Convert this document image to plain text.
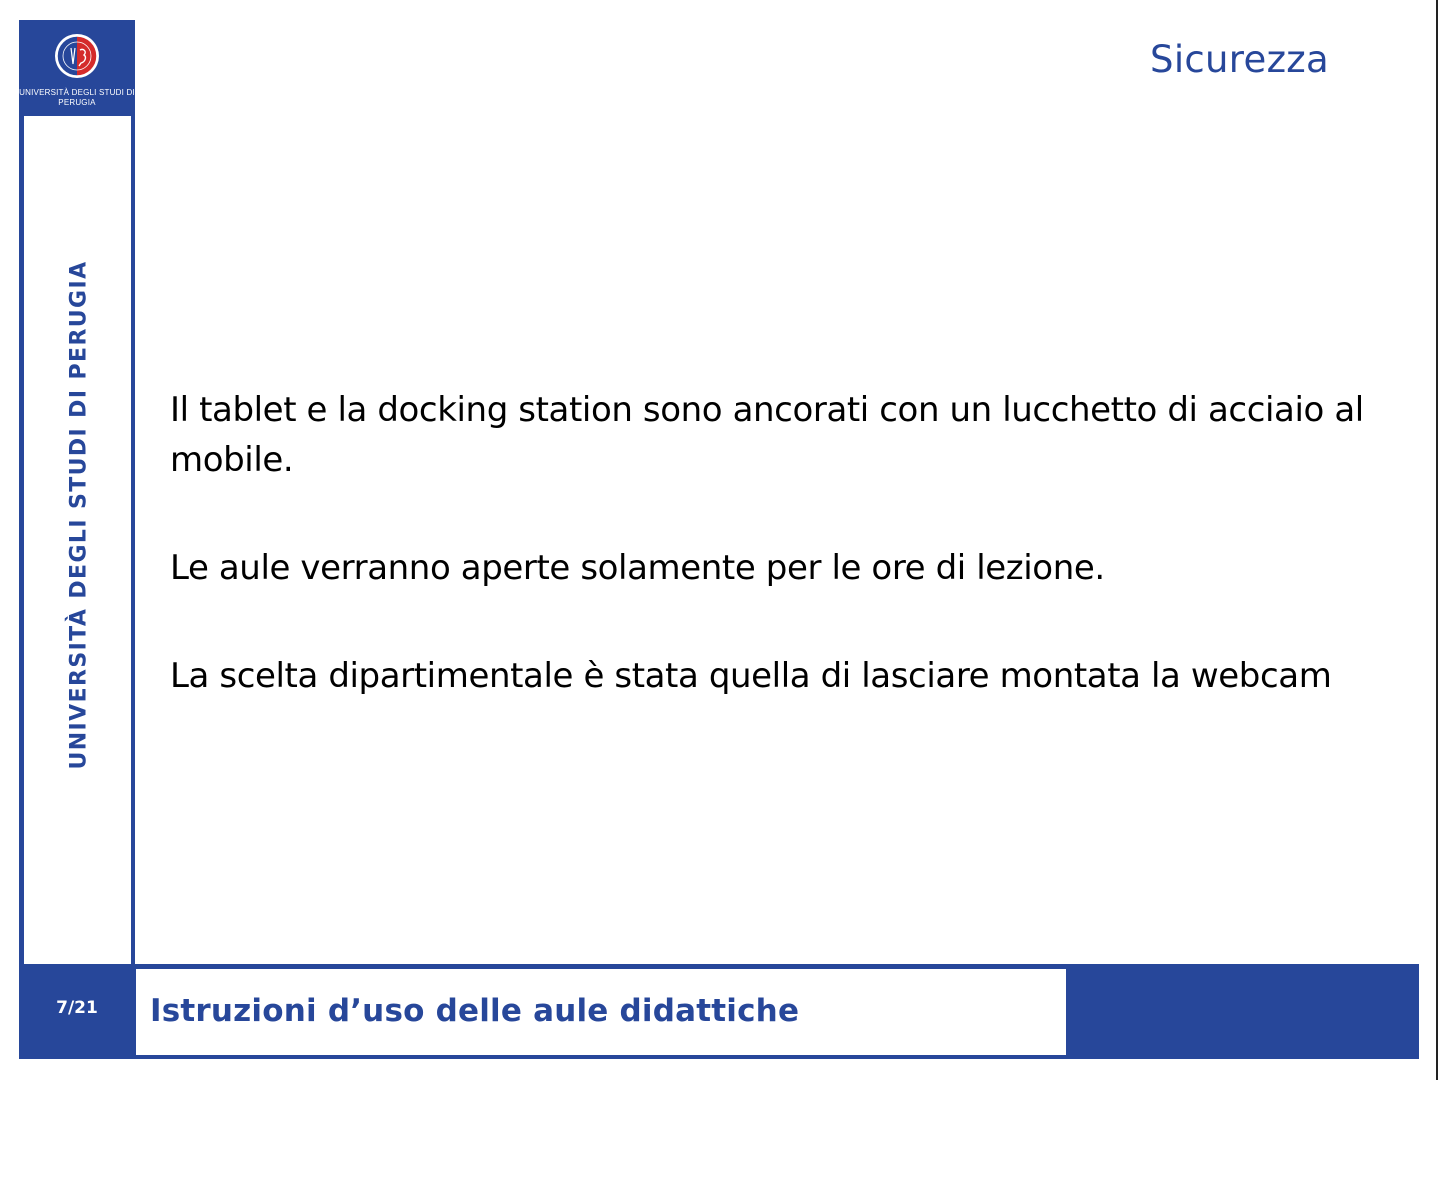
UNIVERSITÀ DEGLI STUDI DI PERUGIA
UNIVERSITÀ DEGLI STUDI DI PERUGIA
Sicurezza

Il tablet e la docking station sono ancorati con un lucchetto di acciaio al mobile.

Le aule verranno aperte solamente per le ore di lezione.

La scelta dipartimentale è stata quella di lasciare montata la webcam

7/21	Istruzioni d’uso delle aule didattiche
